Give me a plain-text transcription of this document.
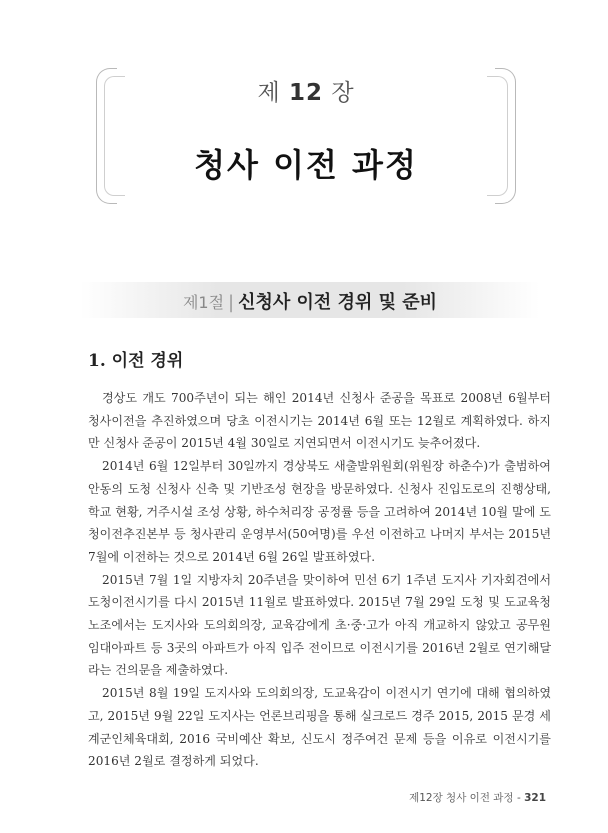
제 12 장
청사 이전 과정
제1절 | 신청사 이전 경위 및 준비
1. 이전 경위

경상도 개도 700주년이 되는 해인 2014년 신청사 준공을 목표로 2008년 6월부터 청사이전을 추진하였으며 당초 이전시기는 2014년 6월 또는 12월로 계획하였다. 하지만 신청사 준공이 2015년 4월 30일로 지연되면서 이전시기도 늦추어졌다.

2014년 6월 12일부터 30일까지 경상북도 새출발위원회(위원장 하춘수)가 출범하여 안동의 도청 신청사 신축 및 기반조성 현장을 방문하였다. 신청사 진입도로의 진행상태, 학교 현황, 거주시설 조성 상황, 하수처리장 공정률 등을 고려하여 2014년 10월 말에 도청이전추진본부 등 청사관리 운영부서(50여명)를 우선 이전하고 나머지 부서는 2015년 7월에 이전하는 것으로 2014년 6월 26일 발표하였다.

2015년 7월 1일 지방자치 20주년을 맞이하여 민선 6기 1주년 도지사 기자회견에서 도청이전시기를 다시 2015년 11월로 발표하였다. 2015년 7월 29일 도청 및 도교육청 노조에서는 도지사와 도의회의장, 교육감에게 초·중·고가 아직 개교하지 않았고 공무원 임대아파트 등 3곳의 아파트가 아직 입주 전이므로 이전시기를 2016년 2월로 연기해달라는 건의문을 제출하였다.

2015년 8월 19일 도지사와 도의회의장, 도교육감이 이전시기 연기에 대해 협의하였고, 2015년 9월 22일 도지사는 언론브리핑을 통해 실크로드 경주 2015, 2015 문경 세계군인체육대회, 2016 국비예산 확보, 신도시 정주여건 문제 등을 이유로 이전시기를 2016년 2월로 결정하게 되었다.

제12장 청사 이전 과정 - 321
